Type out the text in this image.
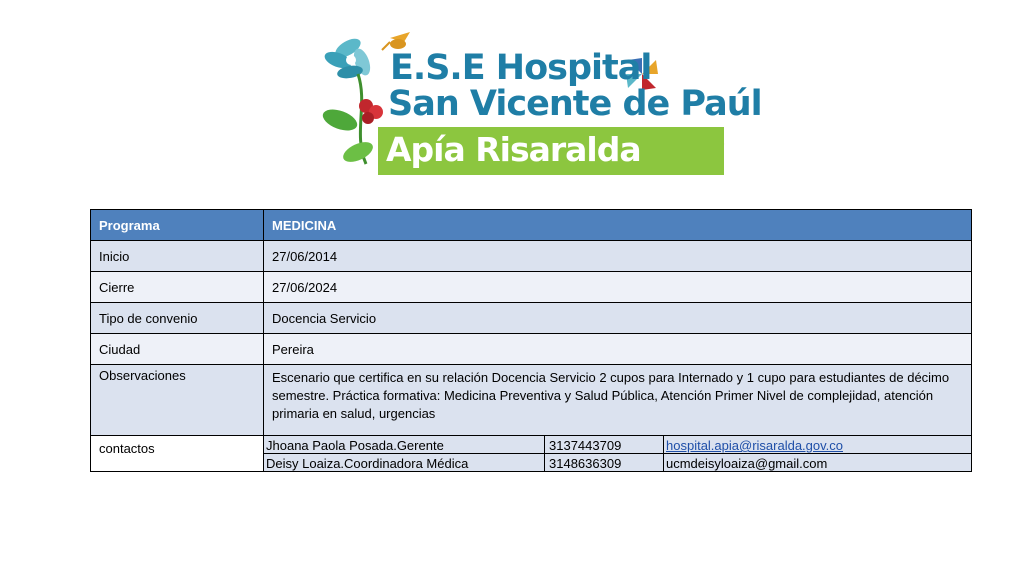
E.S.E Hospital
San Vicente de Paúl
Apía Risaralda
Programa	MEDICINA
Inicio	27/06/2014
Cierre	27/06/2024
Tipo de convenio	Docencia Servicio
Ciudad	Pereira
Observaciones	Escenario que certifica en su relación Docencia Servicio 2 cupos para Internado y 1 cupo para estudiantes de décimo semestre. Práctica formativa: Medicina Preventiva y Salud Pública, Atención Primer Nivel de complejidad, atención primaria en salud, urgencias
contactos		Jhoana Paola Posada.Gerente	3137443709	hospital.apia@risaralda.gov.co
Deisy Loaiza.Coordinadora Médica	3148636309	ucmdeisyloaiza@gmail.com
